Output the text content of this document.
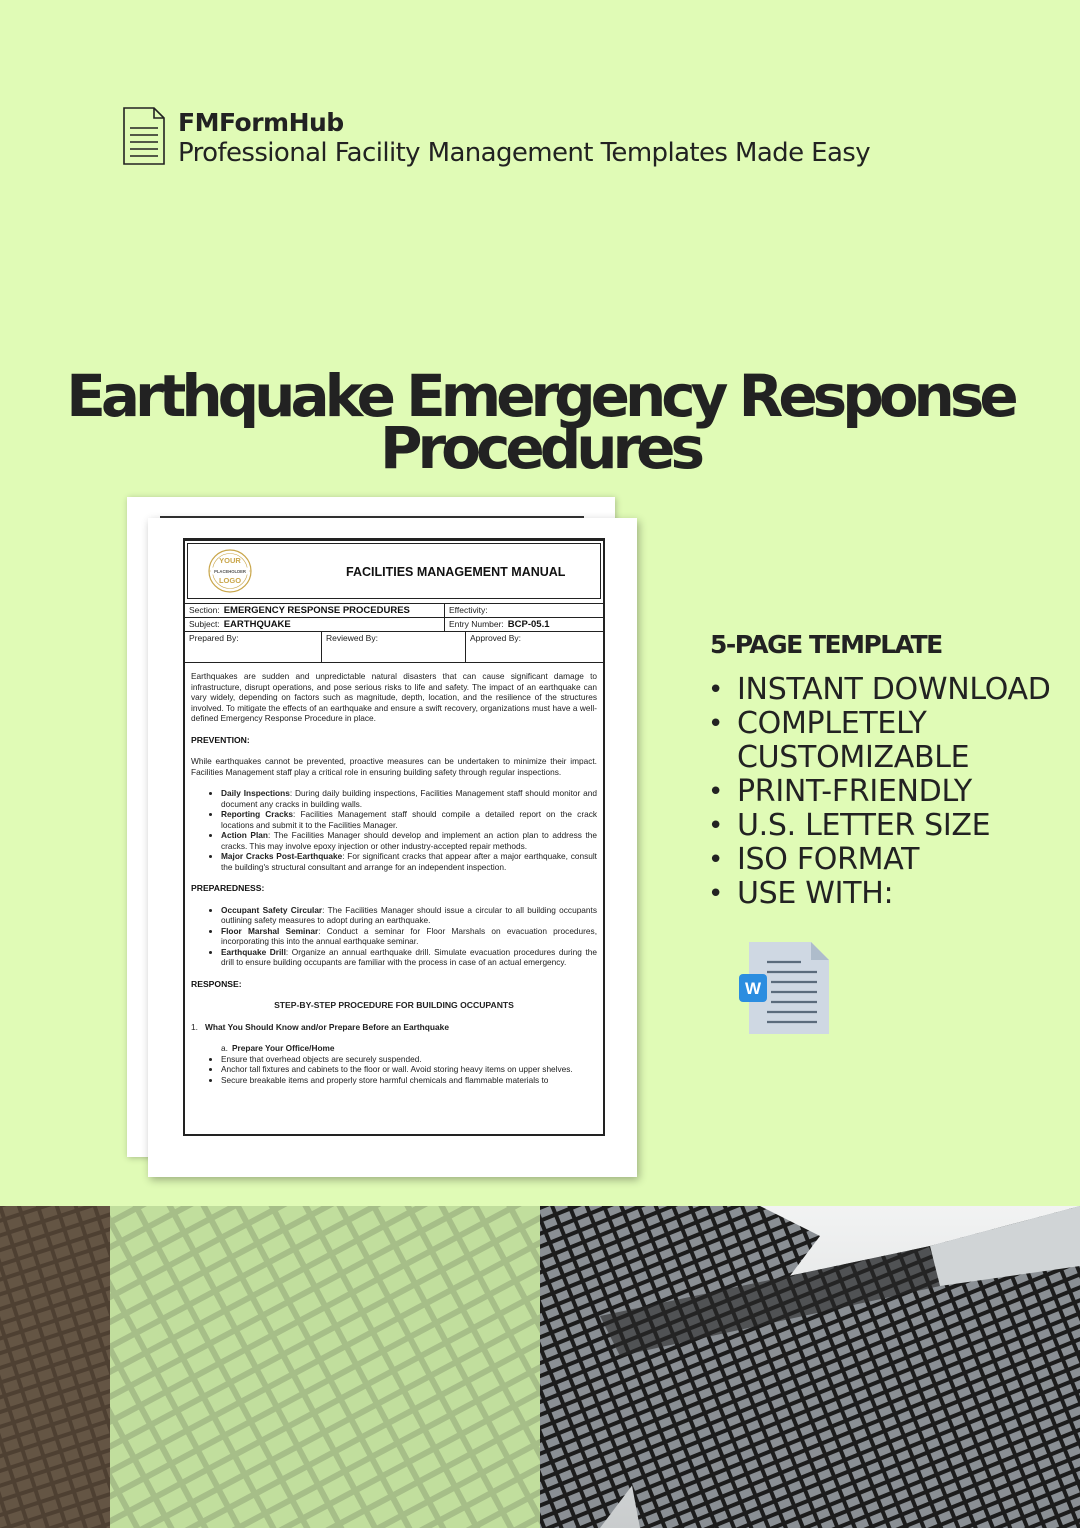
FMFormHub
Professional Facility Management Templates Made Easy
Earthquake Emergency Response
Procedures
YOUR
PLACEHOLDER
LOGO
FACILITIES MANAGEMENT MANUAL
Section: EMERGENCY RESPONSE PROCEDURES	Effectivity:
Subject: EARTHQUAKE	Entry Number: BCP-05.1
Prepared By:	Reviewed By:	Approved By:

Earthquakes are sudden and unpredictable natural disasters that can cause significant damage to infrastructure, disrupt operations, and pose serious risks to life and safety. The impact of an earthquake can vary widely, depending on factors such as magnitude, depth, location, and the resilience of the structures involved. To mitigate the effects of an earthquake and ensure a swift recovery, organizations must have a well-defined Emergency Response Procedure in place.

PREVENTION:

While earthquakes cannot be prevented, proactive measures can be undertaken to minimize their impact. Facilities Management staff play a critical role in ensuring building safety through regular inspections.

• Daily Inspections: During daily building inspections, Facilities Management staff should monitor and document any cracks in building walls.
• Reporting Cracks: Facilities Management staff should compile a detailed report on the crack locations and submit it to the Facilities Manager.
• Action Plan: The Facilities Manager should develop and implement an action plan to address the cracks. This may involve epoxy injection or other industry-accepted repair methods.
• Major Cracks Post-Earthquake: For significant cracks that appear after a major earthquake, consult the building's structural consultant and arrange for an independent inspection.
PREPAREDNESS:
• Occupant Safety Circular: The Facilities Manager should issue a circular to all building occupants outlining safety measures to adopt during an earthquake.
• Floor Marshal Seminar: Conduct a seminar for Floor Marshals on evacuation procedures, incorporating this into the annual earthquake seminar.
• Earthquake Drill: Organize an annual earthquake drill. Simulate evacuation procedures during the drill to ensure building occupants are familiar with the process in case of an actual emergency.
RESPONSE:
STEP-BY-STEP PROCEDURE FOR BUILDING OCCUPANTS
1. What You Should Know and/or Prepare Before an Earthquake
a. Prepare Your Office/Home
• Ensure that overhead objects are securely suspended.
• Anchor tall fixtures and cabinets to the floor or wall. Avoid storing heavy items on upper shelves.
• Secure breakable items and properly store harmful chemicals and flammable materials to
5-PAGE TEMPLATE
• INSTANT DOWNLOAD
• COMPLETELY CUSTOMIZABLE
• PRINT-FRIENDLY
• U.S. LETTER SIZE
• ISO FORMAT
• USE WITH:
W
